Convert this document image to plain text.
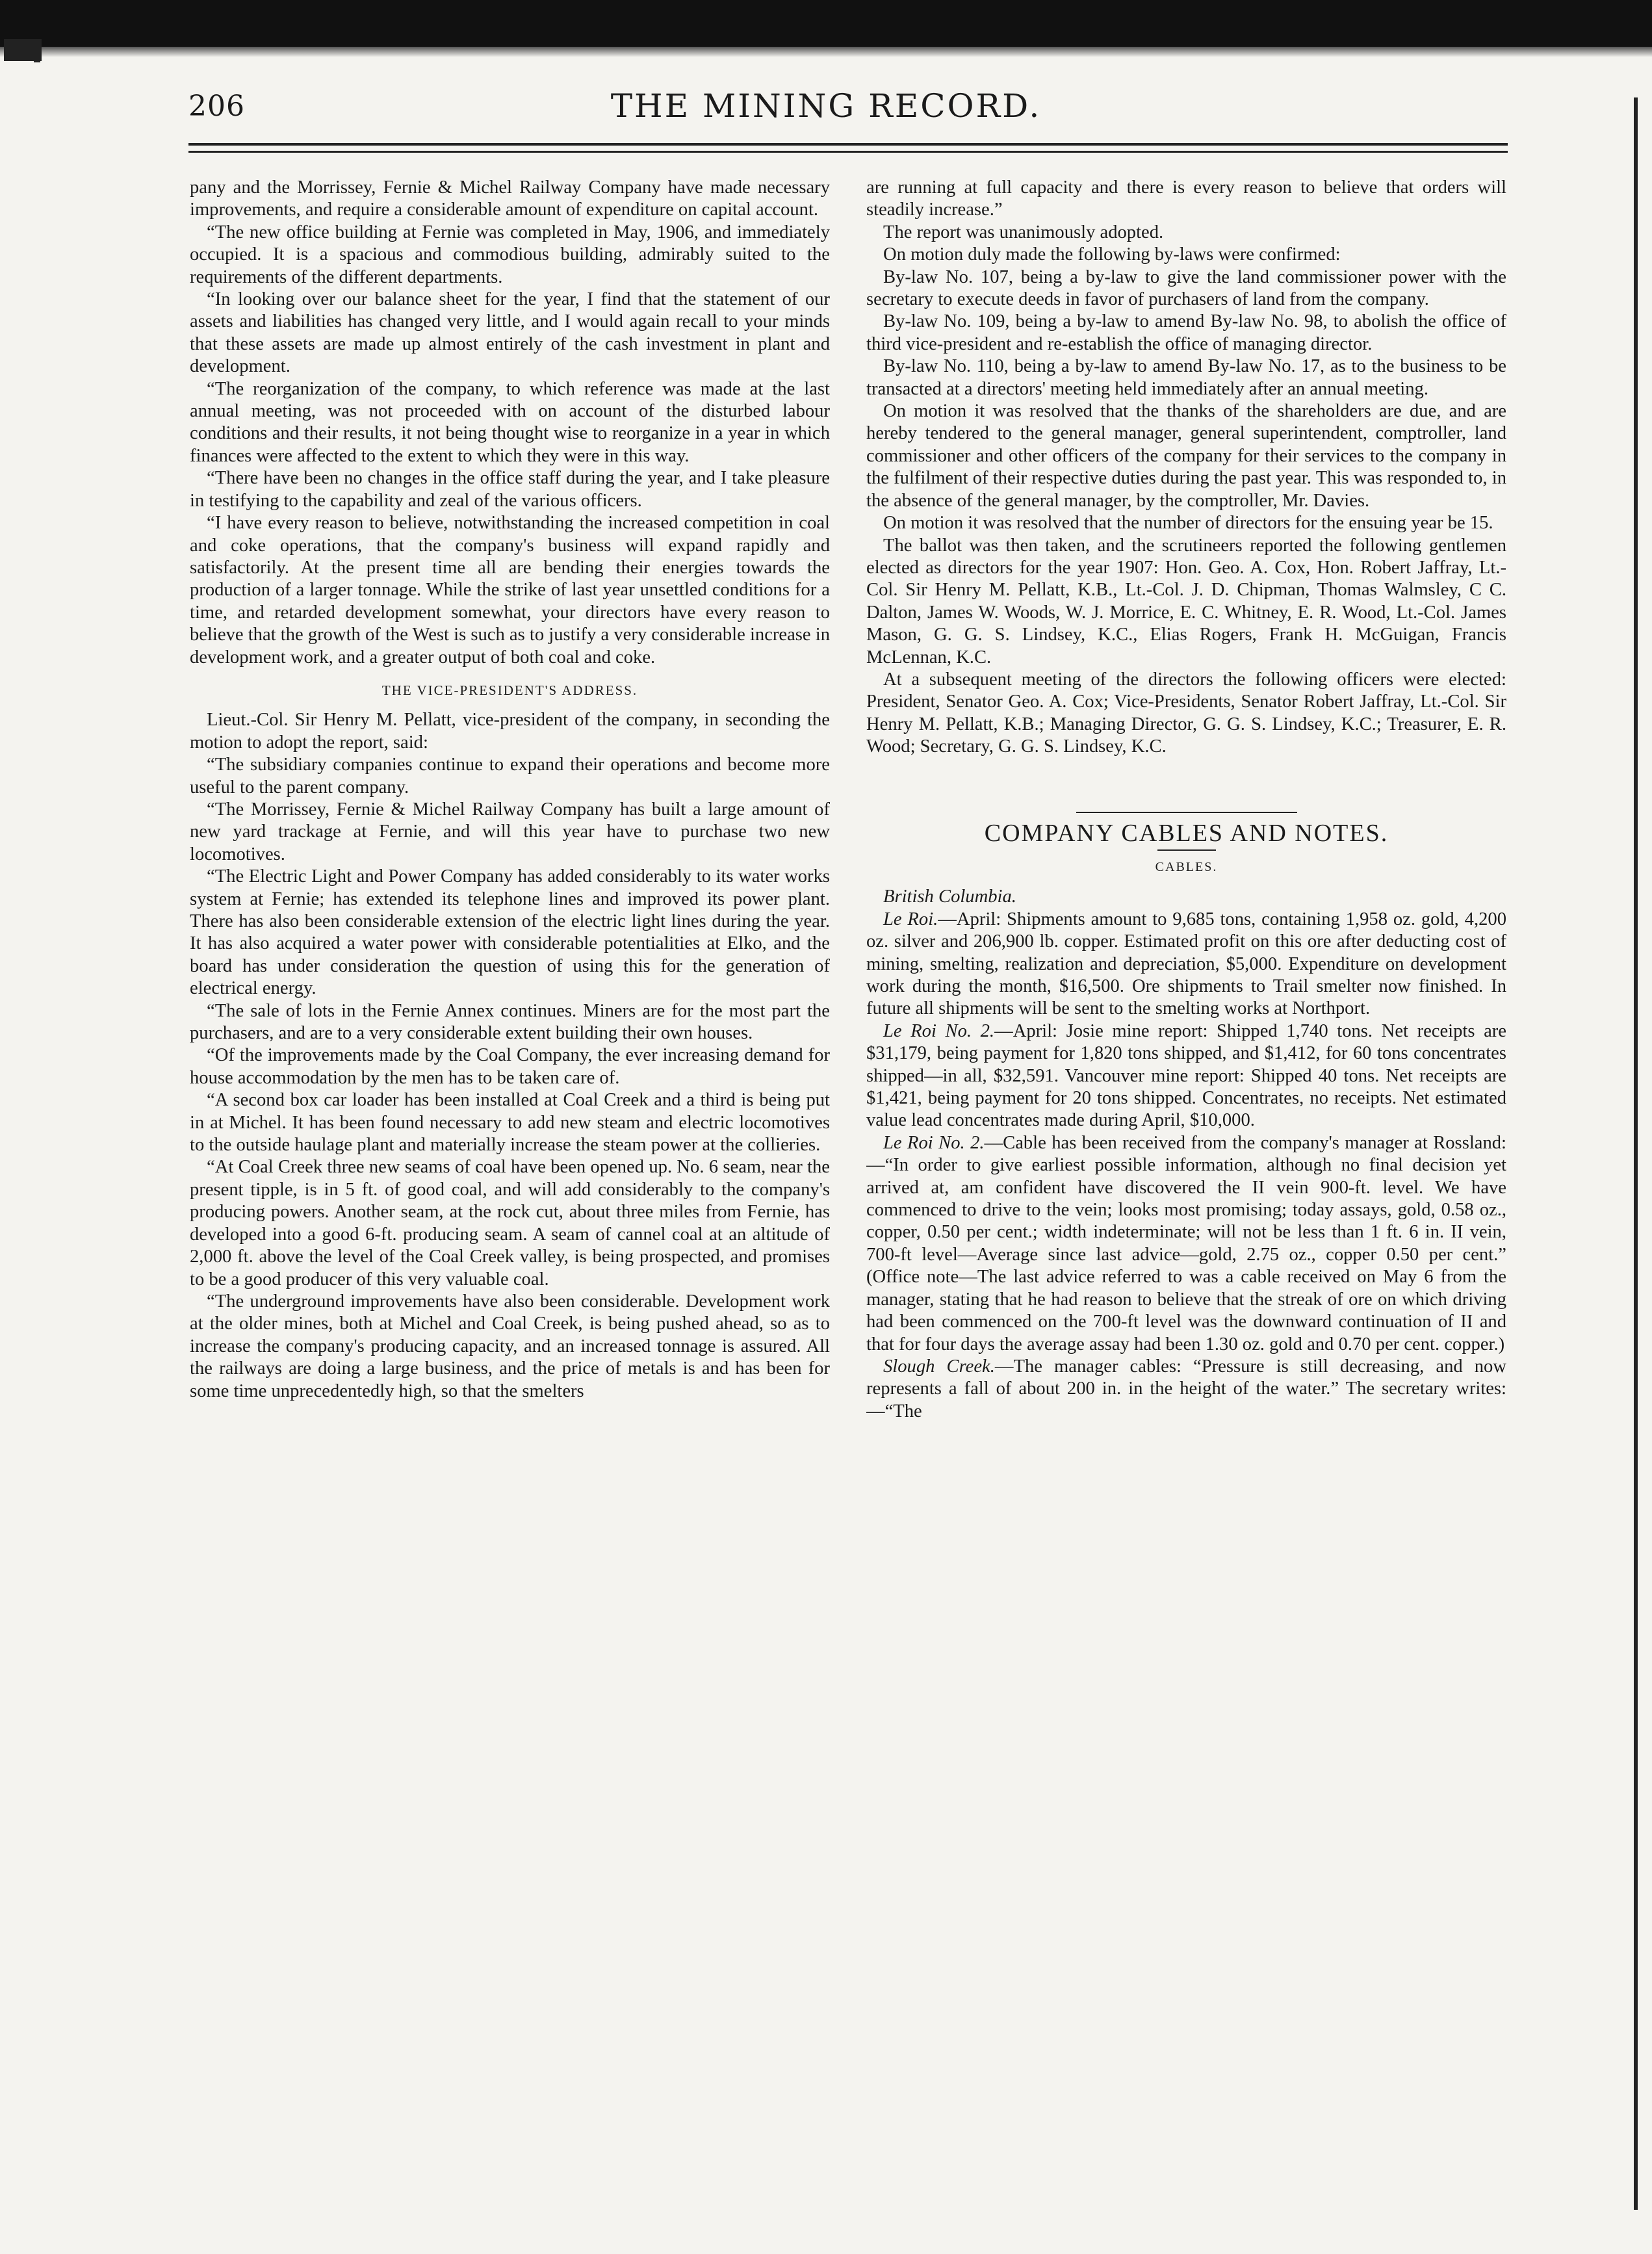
206	THE MINING RECORD.

pany and the Morrissey, Fernie & Michel Railway Company have made necessary improvements, and require a considerable amount of expenditure on capital account.

“The new office building at Fernie was completed in May, 1906, and immediately occupied. It is a spacious and commodious building, admirably suited to the requirements of the different departments.

“In looking over our balance sheet for the year, I find that the statement of our assets and liabilities has changed very little, and I would again recall to your minds that these assets are made up almost entirely of the cash investment in plant and development.

“The reorganization of the company, to which reference was made at the last annual meeting, was not proceeded with on account of the disturbed labour conditions and their results, it not being thought wise to reorganize in a year in which finances were affected to the extent to which they were in this way.

“There have been no changes in the office staff during the year, and I take pleasure in testifying to the capability and zeal of the various officers.

“I have every reason to believe, notwithstanding the increased competition in coal and coke operations, that the company's business will expand rapidly and satisfactorily. At the present time all are bending their energies towards the production of a larger tonnage. While the strike of last year unsettled conditions for a time, and retarded development somewhat, your directors have every reason to believe that the growth of the West is such as to justify a very considerable increase in development work, and a greater output of both coal and coke.

THE VICE-PRESIDENT'S ADDRESS.

Lieut.-Col. Sir Henry M. Pellatt, vice-president of the company, in seconding the motion to adopt the report, said:

“The subsidiary companies continue to expand their operations and become more useful to the parent company.

“The Morrissey, Fernie & Michel Railway Company has built a large amount of new yard trackage at Fernie, and will this year have to purchase two new locomotives.

“The Electric Light and Power Company has added considerably to its water works system at Fernie; has extended its telephone lines and improved its power plant. There has also been considerable extension of the electric light lines during the year. It has also acquired a water power with considerable potentialities at Elko, and the board has under consideration the question of using this for the generation of electrical energy.

“The sale of lots in the Fernie Annex continues. Miners are for the most part the purchasers, and are to a very considerable extent building their own houses.

“Of the improvements made by the Coal Company, the ever increasing demand for house accommodation by the men has to be taken care of.

“A second box car loader has been installed at Coal Creek and a third is being put in at Michel. It has been found necessary to add new steam and electric locomotives to the outside haulage plant and materially increase the steam power at the collieries.

“At Coal Creek three new seams of coal have been opened up. No. 6 seam, near the present tipple, is in 5 ft. of good coal, and will add considerably to the company's producing powers. Another seam, at the rock cut, about three miles from Fernie, has developed into a good 6-ft. producing seam. A seam of cannel coal at an altitude of 2,000 ft. above the level of the Coal Creek valley, is being prospected, and promises to be a good producer of this very valuable coal.

“The underground improvements have also been considerable. Development work at the older mines, both at Michel and Coal Creek, is being pushed ahead, so as to increase the company's producing capacity, and an increased tonnage is assured. All the railways are doing a large business, and the price of metals is and has been for some time unprecedentedly high, so that the smelters

are running at full capacity and there is every reason to believe that orders will steadily increase.”

The report was unanimously adopted.

On motion duly made the following by-laws were confirmed:

By-law No. 107, being a by-law to give the land commissioner power with the secretary to execute deeds in favor of purchasers of land from the company.

By-law No. 109, being a by-law to amend By-law No. 98, to abolish the office of third vice-president and re-establish the office of managing director.

By-law No. 110, being a by-law to amend By-law No. 17, as to the business to be transacted at a directors' meeting held immediately after an annual meeting.

On motion it was resolved that the thanks of the shareholders are due, and are hereby tendered to the general manager, general superintendent, comptroller, land commissioner and other officers of the company for their services to the company in the fulfilment of their respective duties during the past year. This was responded to, in the absence of the general manager, by the comptroller, Mr. Davies.

On motion it was resolved that the number of directors for the ensuing year be 15.

The ballot was then taken, and the scrutineers reported the following gentlemen elected as directors for the year 1907: Hon. Geo. A. Cox, Hon. Robert Jaffray, Lt.-Col. Sir Henry M. Pellatt, K.B., Lt.-Col. J. D. Chipman, Thomas Walmsley, C C. Dalton, James W. Woods, W. J. Morrice, E. C. Whitney, E. R. Wood, Lt.-Col. James Mason, G. G. S. Lindsey, K.C., Elias Rogers, Frank H. McGuigan, Francis McLennan, K.C.

At a subsequent meeting of the directors the following officers were elected: President, Senator Geo. A. Cox; Vice-Presidents, Senator Robert Jaffray, Lt.-Col. Sir Henry M. Pellatt, K.B.; Managing Director, G. G. S. Lindsey, K.C.; Treasurer, E. R. Wood; Secretary, G. G. S. Lindsey, K.C.

COMPANY CABLES AND NOTES.
CABLES.

British Columbia.

Le Roi.—April: Shipments amount to 9,685 tons, containing 1,958 oz. gold, 4,200 oz. silver and 206,900 lb. copper. Estimated profit on this ore after deducting cost of mining, smelting, realization and depreciation, $5,000. Expenditure on development work during the month, $16,500. Ore shipments to Trail smelter now finished. In future all shipments will be sent to the smelting works at Northport.

Le Roi No. 2.—April: Josie mine report: Shipped 1,740 tons. Net receipts are $31,179, being payment for 1,820 tons shipped, and $1,412, for 60 tons concentrates shipped—in all, $32,591. Vancouver mine report: Shipped 40 tons. Net receipts are $1,421, being payment for 20 tons shipped. Concentrates, no receipts. Net estimated value lead concentrates made during April, $10,000.

Le Roi No. 2.—Cable has been received from the company's manager at Rossland:—“In order to give earliest possible information, although no final decision yet arrived at, am confident have discovered the II vein 900-ft. level. We have commenced to drive to the vein; looks most promising; today assays, gold, 0.58 oz., copper, 0.50 per cent.; width indeterminate; will not be less than 1 ft. 6 in. II vein, 700-ft level—Average since last advice—gold, 2.75 oz., copper 0.50 per cent.” (Office note—The last advice referred to was a cable received on May 6 from the manager, stating that he had reason to believe that the streak of ore on which driving had been commenced on the 700-ft level was the downward continuation of II and that for four days the average assay had been 1.30 oz. gold and 0.70 per cent. copper.)

Slough Creek.—The manager cables: “Pressure is still decreasing, and now represents a fall of about 200 in. in the height of the water.” The secretary writes:—“The
